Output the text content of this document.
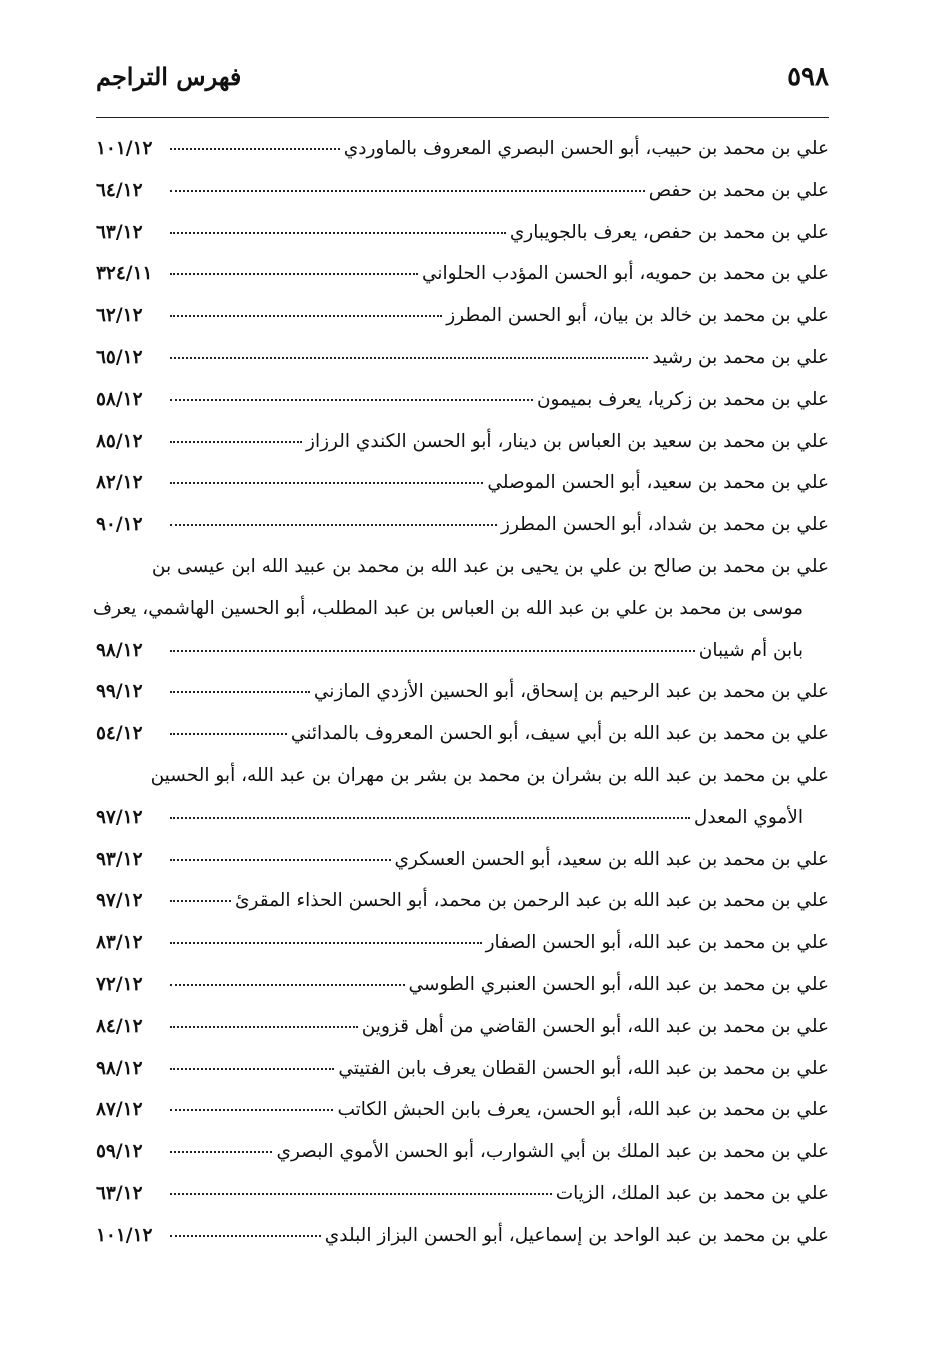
٥٩٨
فهرس التراجم
علي بن محمد بن حبيب، أبو الحسن البصري المعروف بالماوردي
١٠١/١٢
علي بن محمد بن حفص
٦٤/١٢
علي بن محمد بن حفص، يعرف بالجويباري
٦٣/١٢
علي بن محمد بن حمويه، أبو الحسن المؤدب الحلواني
٣٢٤/١١
علي بن محمد بن خالد بن بيان، أبو الحسن المطرز
٦٢/١٢
علي بن محمد بن رشيد
٦٥/١٢
علي بن محمد بن زكريا، يعرف بميمون
٥٨/١٢
علي بن محمد بن سعيد بن العباس بن دينار، أبو الحسن الكندي الرزاز
٨٥/١٢
علي بن محمد بن سعيد، أبو الحسن الموصلي
٨٢/١٢
علي بن محمد بن شداد، أبو الحسن المطرز
٩٠/١٢
علي بن محمد بن صالح بن علي بن يحيى بن عبد الله بن محمد بن عبيد الله ابن عيسى بن
موسى بن محمد بن علي بن عبد الله بن العباس بن عبد المطلب، أبو الحسين الهاشمي، يعرف
بابن أم شيبان
٩٨/١٢
علي بن محمد بن عبد الرحيم بن إسحاق، أبو الحسين الأزدي المازني
٩٩/١٢
علي بن محمد بن عبد الله بن أبي سيف، أبو الحسن المعروف بالمدائني
٥٤/١٢
علي بن محمد بن عبد الله بن بشران بن محمد بن بشر بن مهران بن عبد الله، أبو الحسين
الأموي المعدل
٩٧/١٢
علي بن محمد بن عبد الله بن سعيد، أبو الحسن العسكري
٩٣/١٢
علي بن محمد بن عبد الله بن عبد الرحمن بن محمد، أبو الحسن الحذاء المقرئ
٩٧/١٢
علي بن محمد بن عبد الله، أبو الحسن الصفار
٨٣/١٢
علي بن محمد بن عبد الله، أبو الحسن العنبري الطوسي
٧٢/١٢
علي بن محمد بن عبد الله، أبو الحسن القاضي من أهل قزوين
٨٤/١٢
علي بن محمد بن عبد الله، أبو الحسن القطان يعرف بابن الفتيتي
٩٨/١٢
علي بن محمد بن عبد الله، أبو الحسن، يعرف بابن الحبش الكاتب
٨٧/١٢
علي بن محمد بن عبد الملك بن أبي الشوارب، أبو الحسن الأموي البصري
٥٩/١٢
علي بن محمد بن عبد الملك، الزيات
٦٣/١٢
علي بن محمد بن عبد الواحد بن إسماعيل، أبو الحسن البزاز البلدي
١٠١/١٢
